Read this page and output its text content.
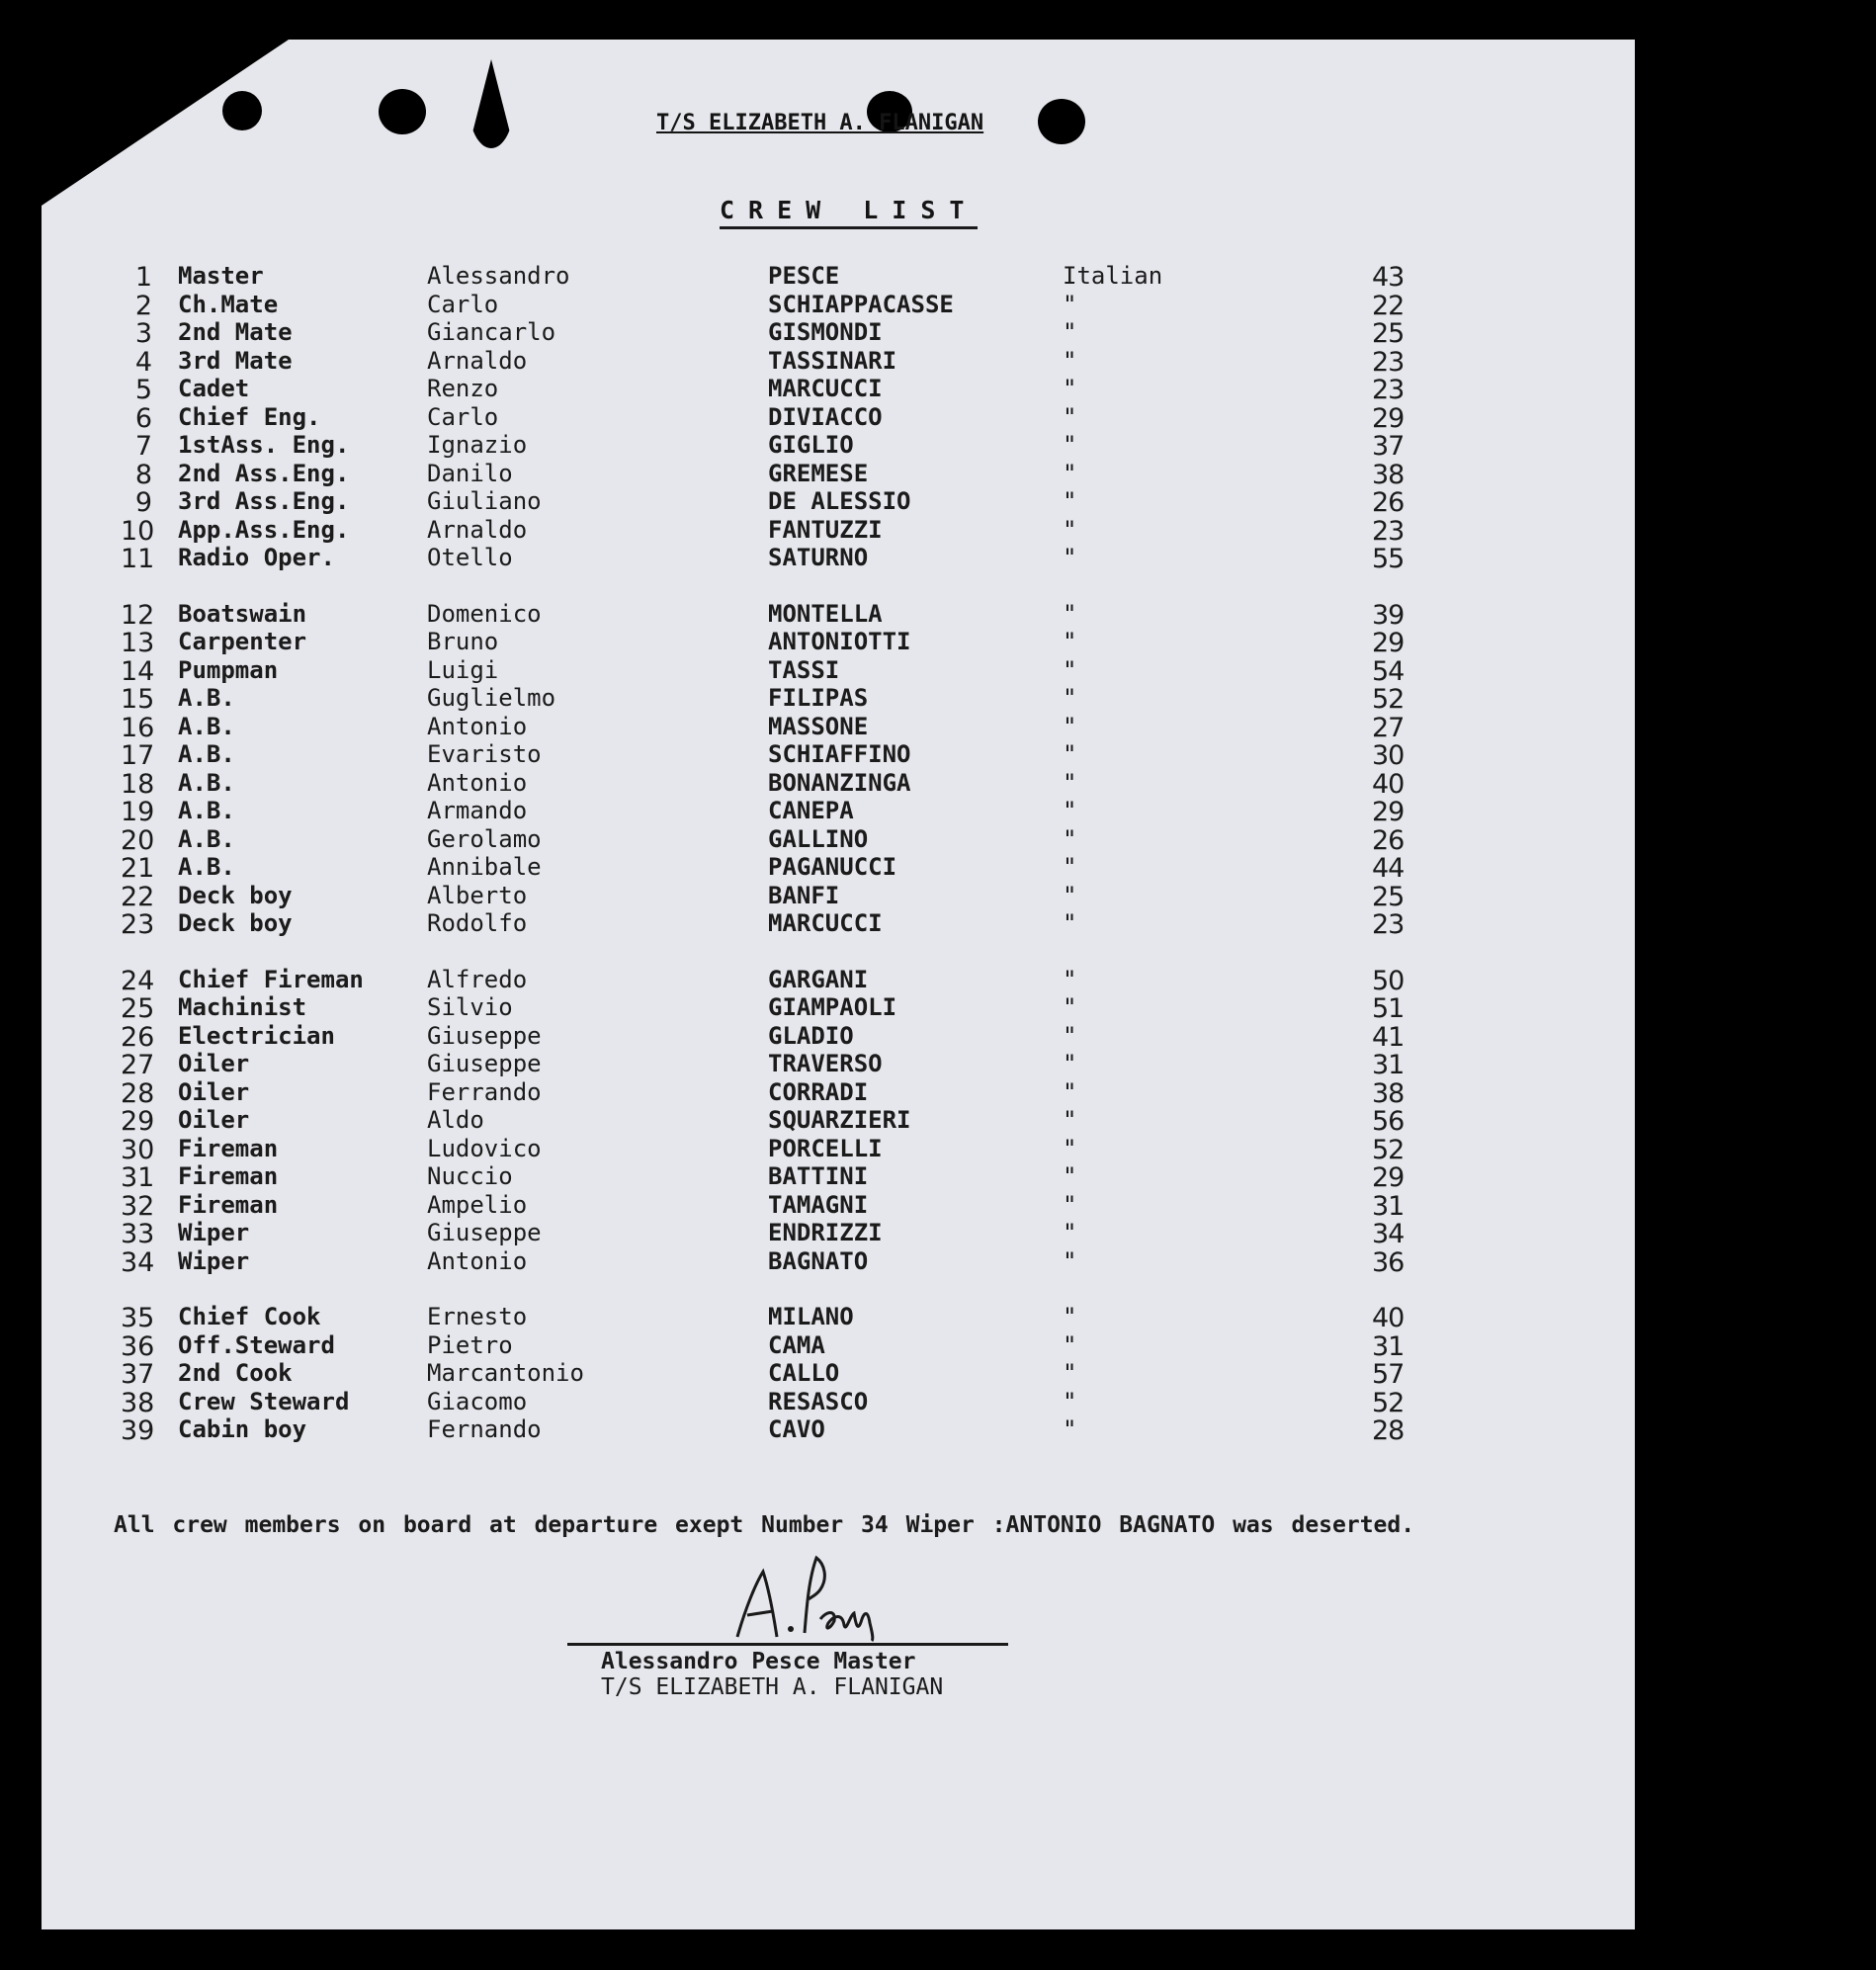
T/S ELIZABETH A. FLANIGAN
CREW LIST

1 Master	Alessandro	PESCE	Italian	43
2 Ch.Mate	Carlo	SCHIAPPACASSE	"	22
3 2nd Mate	Giancarlo	GISMONDI	"	25
4 3rd Mate	Arnaldo	TASSINARI	"	23
5 Cadet	Renzo	MARCUCCI	"	23
6 Chief Eng.	Carlo	DIVIACCO	"	29
7 1stAss. Eng.	Ignazio	GIGLIO	"	37
8 2nd Ass.Eng.	Danilo	GREMESE	"	38
9 3rd Ass.Eng.	Giuliano	DE ALESSIO	"	26
10 App.Ass.Eng.	Arnaldo	FANTUZZI	"	23
11 Radio Oper.	Otello	SATURNO	"	55
12 Boatswain	Domenico	MONTELLA	"	39
13 Carpenter	Bruno	ANTONIOTTI	"	29
14 Pumpman	Luigi	TASSI	"	54
15 A.B.	Guglielmo	FILIPAS	"	52
16 A.B.	Antonio	MASSONE	"	27
17 A.B.	Evaristo	SCHIAFFINO	"	30
18 A.B.	Antonio	BONANZINGA	"	40
19 A.B.	Armando	CANEPA	"	29
20 A.B.	Gerolamo	GALLINO	"	26
21 A.B.	Annibale	PAGANUCCI	"	44
22 Deck boy	Alberto	BANFI	"	25
23 Deck boy	Rodolfo	MARCUCCI	"	23
24 Chief Fireman	Alfredo	GARGANI	"	50
25 Machinist	Silvio	GIAMPAOLI	"	51
26 Electrician	Giuseppe	GLADIO	"	41
27 Oiler	Giuseppe	TRAVERSO	"	31
28 Oiler	Ferrando	CORRADI	"	38
29 Oiler	Aldo	SQUARZIERI	"	56
30 Fireman	Ludovico	PORCELLI	"	52
31 Fireman	Nuccio	BATTINI	"	29
32 Fireman	Ampelio	TAMAGNI	"	31
33 Wiper	Giuseppe	ENDRIZZI	"	34
34 Wiper	Antonio	BAGNATO	"	36
35 Chief Cook	Ernesto	MILANO	"	40
36 Off.Steward	Pietro	CAMA	"	31
37 2nd Cook	Marcantonio	CALLO	"	57
38 Crew Steward	Giacomo	RESASCO	"	52
39 Cabin boy	Fernando	CAVO	"	28
All crew members on board at departure exept Number 34 Wiper :ANTONIO BAGNATO was deserted.
Alessandro Pesce Master
T/S ELIZABETH A. FLANIGAN
